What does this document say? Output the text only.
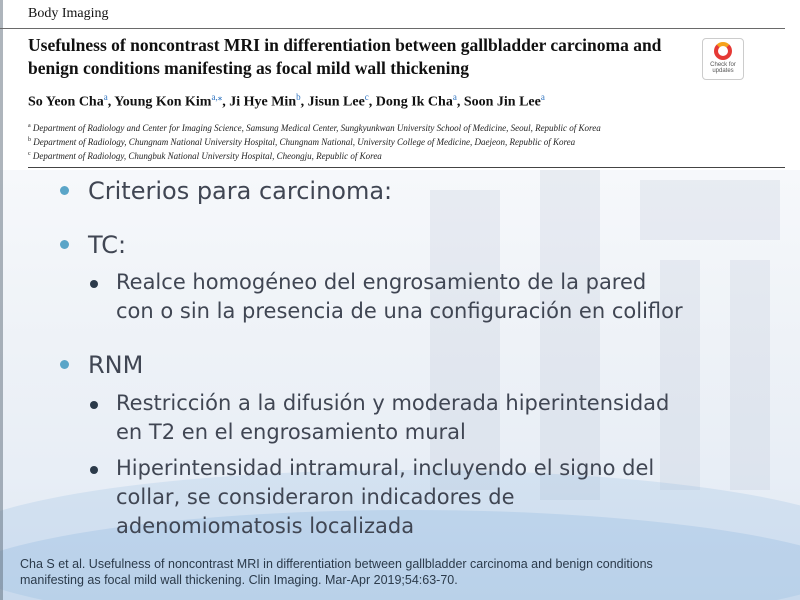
Body Imaging
Usefulness of noncontrast MRI in differentiation between gallbladder carcinoma and benign conditions manifesting as focal mild wall thickening	Check for updates
So Yeon Cha$^a$, Young Kon Kim$^{a,⁎}$, Ji Hye Min$^b$, Jisun Lee$^c$, Dong Ik Cha$^a$, Soon Jin Lee$^a$
$^a$ Department of Radiology and Center for Imaging Science, Samsung Medical Center, Sungkyunkwan University School of Medicine, Seoul, Republic of Korea
$^b$ Department of Radiology, Chungnam National University Hospital, Chungnam National, University College of Medicine, Daejeon, Republic of Korea
$^c$ Department of Radiology, Chungbuk National University Hospital, Cheongju, Republic of Korea
Criterios para carcinoma:
TC:
Realce homogéneo del engrosamiento de la pared
con o sin la presencia de una configuración en coliflor
RNM
Restricción a la difusión y moderada hiperintensidad
en T2 en el engrosamiento mural
Hiperintensidad intramural, incluyendo el signo del
collar, se consideraron indicadores de
adenomiomatosis localizada
Cha S et al. Usefulness of noncontrast MRI in differentiation between gallbladder carcinoma and benign conditions
manifesting as focal mild wall thickening. Clin Imaging. Mar-Apr 2019;54:63-70.
